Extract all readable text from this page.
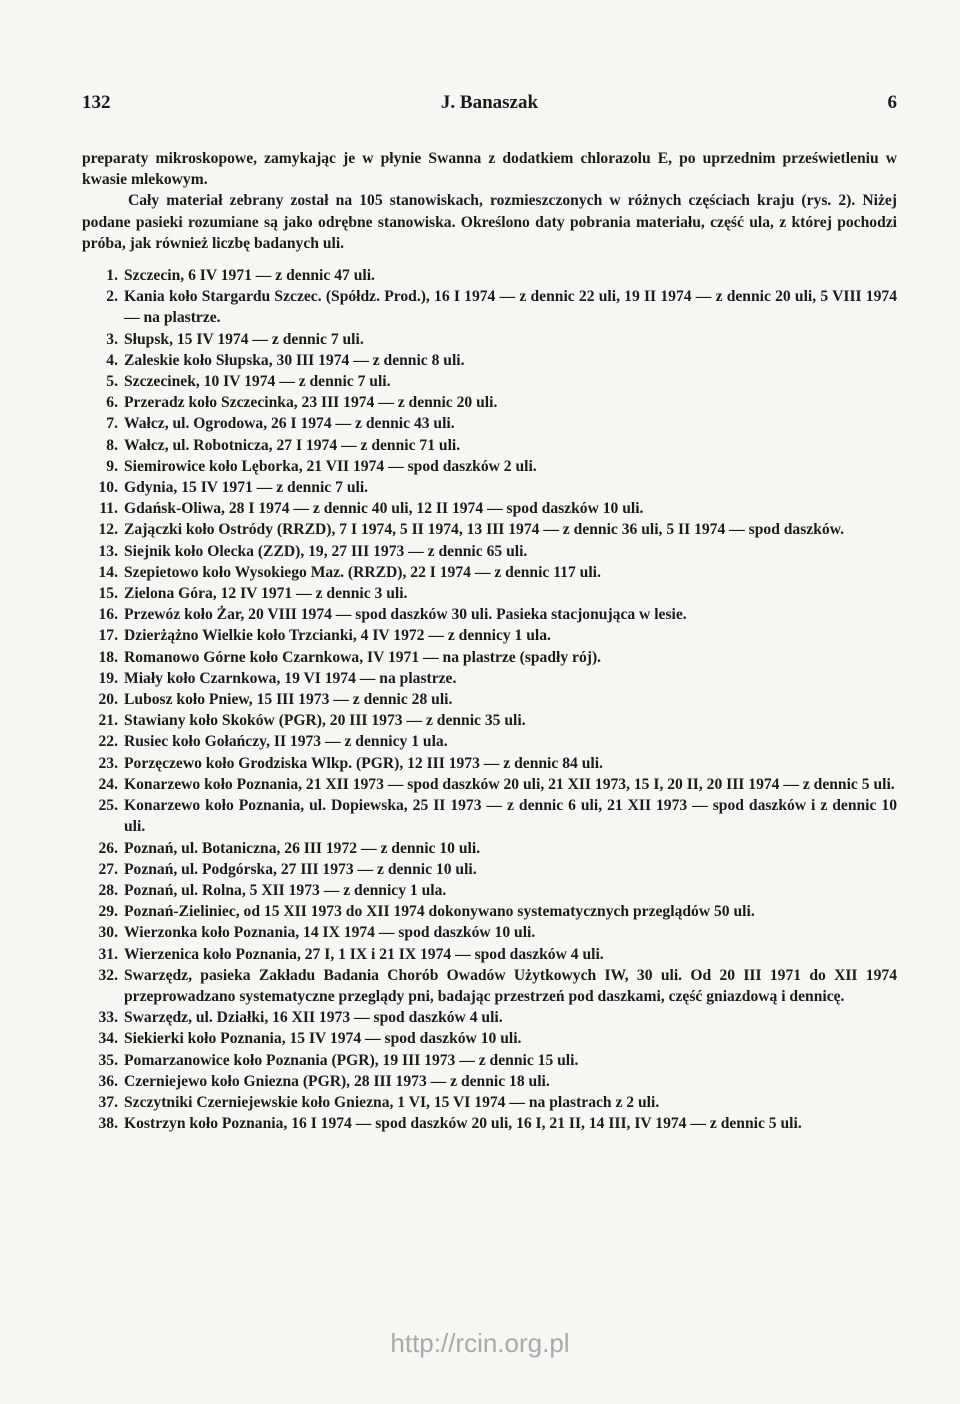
132	J. Banaszak	6

preparaty mikroskopowe, zamykając je w płynie Swanna z dodatkiem chlorazolu E, po uprzednim prześwietleniu w kwasie mlekowym.

Cały materiał zebrany został na 105 stanowiskach, rozmieszczonych w różnych częściach kraju (rys. 2). Niżej podane pasieki rozumiane są jako odrębne stanowiska. Określono daty pobrania materiału, część ula, z której pochodzi próba, jak również liczbę badanych uli.

1. Szczecin, 6 IV 1971 — z dennic 47 uli.

2. Kania koło Stargardu Szczec. (Spółdz. Prod.), 16 I 1974 — z dennic 22 uli, 19 II 1974 — z dennic 20 uli, 5 VIII 1974 — na plastrze.

3. Słupsk, 15 IV 1974 — z dennic 7 uli.

4. Zaleskie koło Słupska, 30 III 1974 — z dennic 8 uli.

5. Szczecinek, 10 IV 1974 — z dennic 7 uli.

6. Przeradz koło Szczecinka, 23 III 1974 — z dennic 20 uli.

7. Wałcz, ul. Ogrodowa, 26 I 1974 — z dennic 43 uli.

8. Wałcz, ul. Robotnicza, 27 I 1974 — z dennic 71 uli.

9. Siemirowice koło Lęborka, 21 VII 1974 — spod daszków 2 uli.

10. Gdynia, 15 IV 1971 — z dennic 7 uli.

11. Gdańsk-Oliwa, 28 I 1974 — z dennic 40 uli, 12 II 1974 — spod daszków 10 uli.

12. Zajączki koło Ostródy (RRZD), 7 I 1974, 5 II 1974, 13 III 1974 — z dennic 36 uli, 5 II 1974 — spod daszków.

13. Siejnik koło Olecka (ZZD), 19, 27 III 1973 — z dennic 65 uli.

14. Szepietowo koło Wysokiego Maz. (RRZD), 22 I 1974 — z dennic 117 uli.

15. Zielona Góra, 12 IV 1971 — z dennic 3 uli.

16. Przewóz koło Żar, 20 VIII 1974 — spod daszków 30 uli. Pasieka stacjonująca w lesie.

17. Dzierżążno Wielkie koło Trzcianki, 4 IV 1972 — z dennicy 1 ula.

18. Romanowo Górne koło Czarnkowa, IV 1971 — na plastrze (spadły rój).

19. Miały koło Czarnkowa, 19 VI 1974 — na plastrze.

20. Lubosz koło Pniew, 15 III 1973 — z dennic 28 uli.

21. Stawiany koło Skoków (PGR), 20 III 1973 — z dennic 35 uli.

22. Rusiec koło Gołańczy, II 1973 — z dennicy 1 ula.

23. Porzęczewo koło Grodziska Wlkp. (PGR), 12 III 1973 — z dennic 84 uli.

24. Konarzewo koło Poznania, 21 XII 1973 — spod daszków 20 uli, 21 XII 1973, 15 I, 20 II, 20 III 1974 — z dennic 5 uli.

25. Konarzewo koło Poznania, ul. Dopiewska, 25 II 1973 — z dennic 6 uli, 21 XII 1973 — spod daszków i z dennic 10 uli.

26. Poznań, ul. Botaniczna, 26 III 1972 — z dennic 10 uli.

27. Poznań, ul. Podgórska, 27 III 1973 — z dennic 10 uli.

28. Poznań, ul. Rolna, 5 XII 1973 — z dennicy 1 ula.

29. Poznań-Zieliniec, od 15 XII 1973 do XII 1974 dokonywano systematycznych przeglądów 50 uli.

30. Wierzonka koło Poznania, 14 IX 1974 — spod daszków 10 uli.

31. Wierzenica koło Poznania, 27 I, 1 IX i 21 IX 1974 — spod daszków 4 uli.

32. Swarzędz, pasieka Zakładu Badania Chorób Owadów Użytkowych IW, 30 uli. Od 20 III 1971 do XII 1974 przeprowadzano systematyczne przeglądy pni, badając przestrzeń pod daszkami, część gniazdową i dennicę.

33. Swarzędz, ul. Działki, 16 XII 1973 — spod daszków 4 uli.

34. Siekierki koło Poznania, 15 IV 1974 — spod daszków 10 uli.

35. Pomarzanowice koło Poznania (PGR), 19 III 1973 — z dennic 15 uli.

36. Czerniejewo koło Gniezna (PGR), 28 III 1973 — z dennic 18 uli.

37. Szczytniki Czerniejewskie koło Gniezna, 1 VI, 15 VI 1974 — na plastrach z 2 uli.

38. Kostrzyn koło Poznania, 16 I 1974 — spod daszków 20 uli, 16 I, 21 II, 14 III, IV 1974 — z dennic 5 uli.

http://rcin.org.pl
